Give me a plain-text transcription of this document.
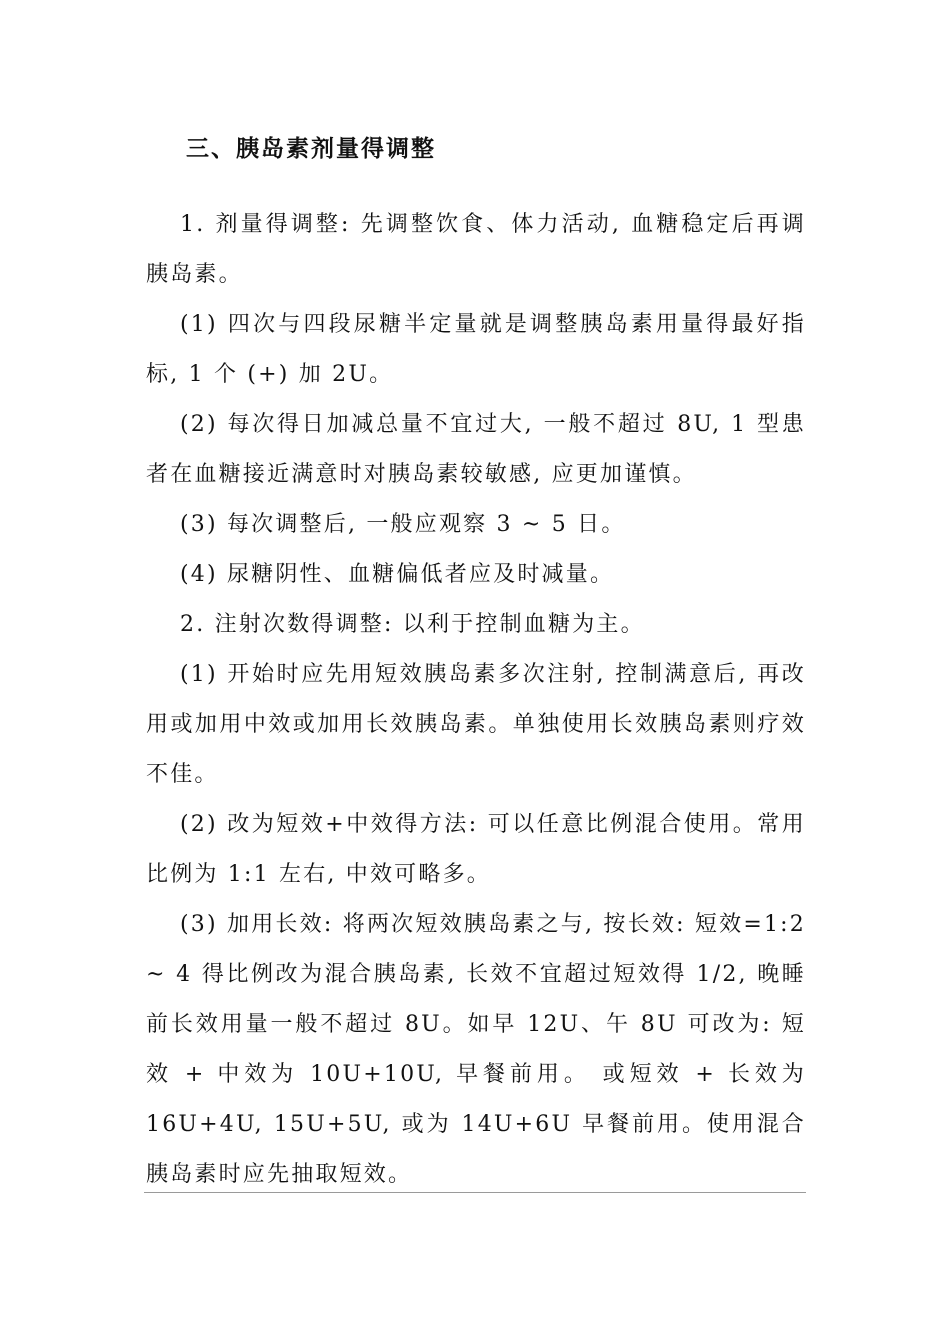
三、胰岛素剂量得调整

1. 剂量得调整: 先调整饮食、体力活动, 血糖稳定后再调胰岛素。

(1) 四次与四段尿糖半定量就是调整胰岛素用量得最好指标, 1 个 (+) 加 2U。

(2) 每次得日加减总量不宜过大, 一般不超过 8U, 1 型患者在血糖接近满意时对胰岛素较敏感, 应更加谨慎。

(3) 每次调整后, 一般应观察 3 ~ 5 日。

(4) 尿糖阴性、血糖偏低者应及时减量。

2. 注射次数得调整: 以利于控制血糖为主。

(1) 开始时应先用短效胰岛素多次注射, 控制满意后, 再改用或加用中效或加用长效胰岛素。单独使用长效胰岛素则疗效不佳。

(2) 改为短效+中效得方法: 可以任意比例混合使用。常用比例为 1:1 左右, 中效可略多。

(3) 加用长效: 将两次短效胰岛素之与, 按长效: 短效=1:2 ~ 4 得比例改为混合胰岛素, 长效不宜超过短效得 1/2, 晚睡前长效用量一般不超过 8U。如早 12U、午 8U 可改为: 短效 + 中效为 10U+10U, 早餐前用。 或短效 + 长效为 16U+4U, 15U+5U, 或为 14U+6U 早餐前用。使用混合胰岛素时应先抽取短效。
